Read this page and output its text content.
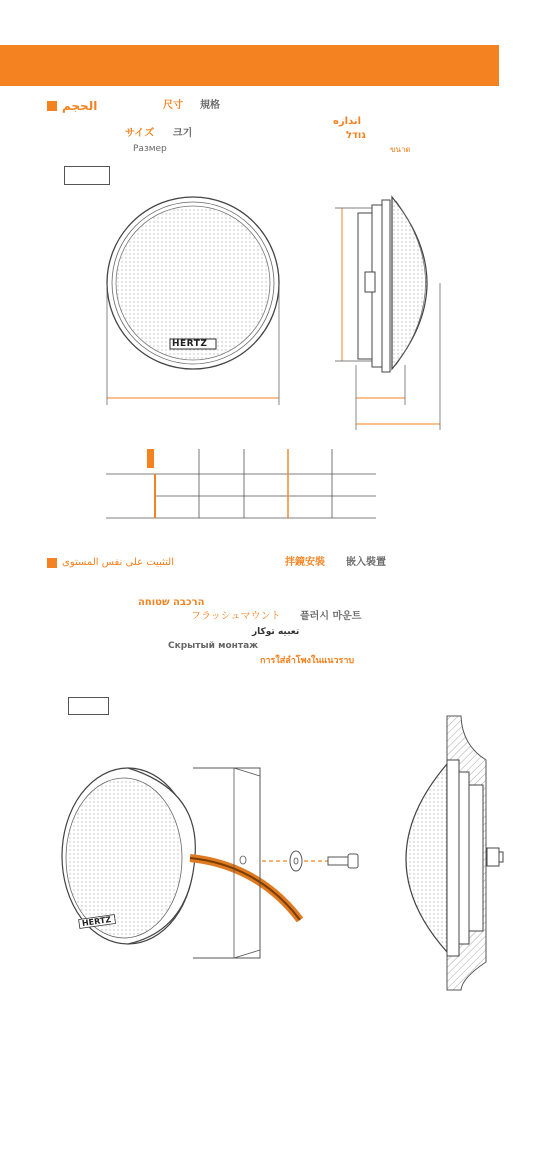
الحجم	尺寸 規格
اندازه
サイズ 크기	גודל
Размер	ขนาด
HERTZ
التثبيت على نفس المستوى	拌鏡安裝 嵌入裝置
הרכבה שטוחה
フラッシュマウント 플러시 마운트
تعبیه توکار
Скрытый монтаж
การใส่ลำโพงในแนวราบ
HERTZ
